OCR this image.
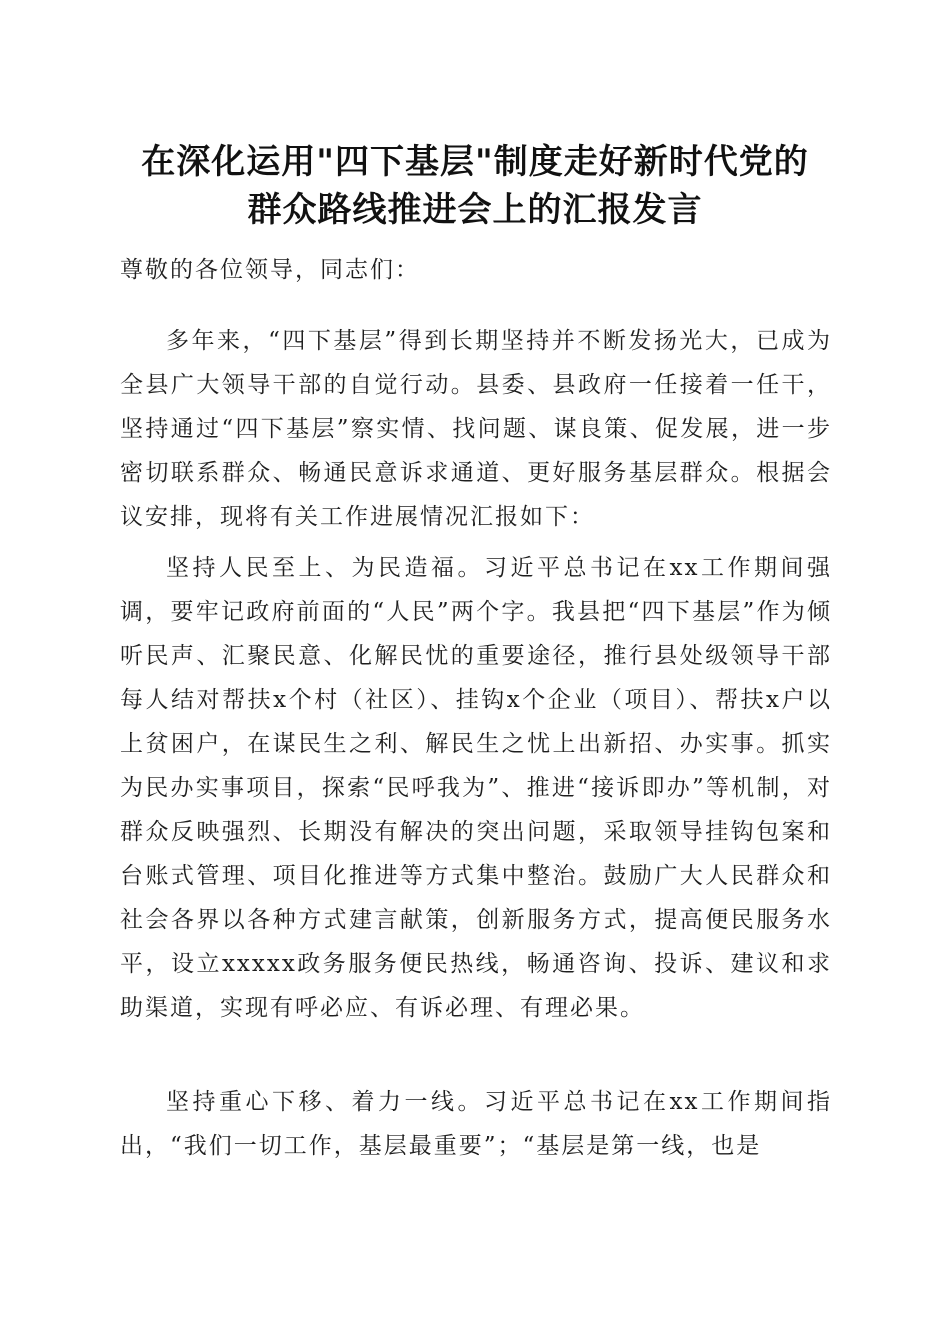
在深化运用"四下基层"制度走好新时代党的
群众路线推进会上的汇报发言
尊敬的各位领导，同志们：
多年来，“四下基层”得到长期坚持并不断发扬光大，已成为全县广大领导干部的自觉行动。县委、县政府一任接着一任干，坚持通过“四下基层”察实情、找问题、谋良策、促发展，进一步密切联系群众、畅通民意诉求通道、更好服务基层群众。根据会议安排，现将有关工作进展情况汇报如下：
坚持人民至上、为民造福。习近平总书记在xx工作期间强调，要牢记政府前面的“人民”两个字。我县把“四下基层”作为倾听民声、汇聚民意、化解民忧的重要途径，推行县处级领导干部每人结对帮扶x个村（社区）、挂钩x个企业（项目）、帮扶x户以上贫困户，在谋民生之利、解民生之忧上出新招、办实事。抓实为民办实事项目，探索“民呼我为”、推进“接诉即办”等机制，对群众反映强烈、长期没有解决的突出问题，采取领导挂钩包案和台账式管理、项目化推进等方式集中整治。鼓励广大人民群众和社会各界以各种方式建言献策，创新服务方式，提高便民服务水平，设立xxxxx政务服务便民热线，畅通咨询、投诉、建议和求助渠道，实现有呼必应、有诉必理、有理必果。
坚持重心下移、着力一线。习近平总书记在xx工作期间指出，“我们一切工作，基层最重要”；“基层是第一线，也是
